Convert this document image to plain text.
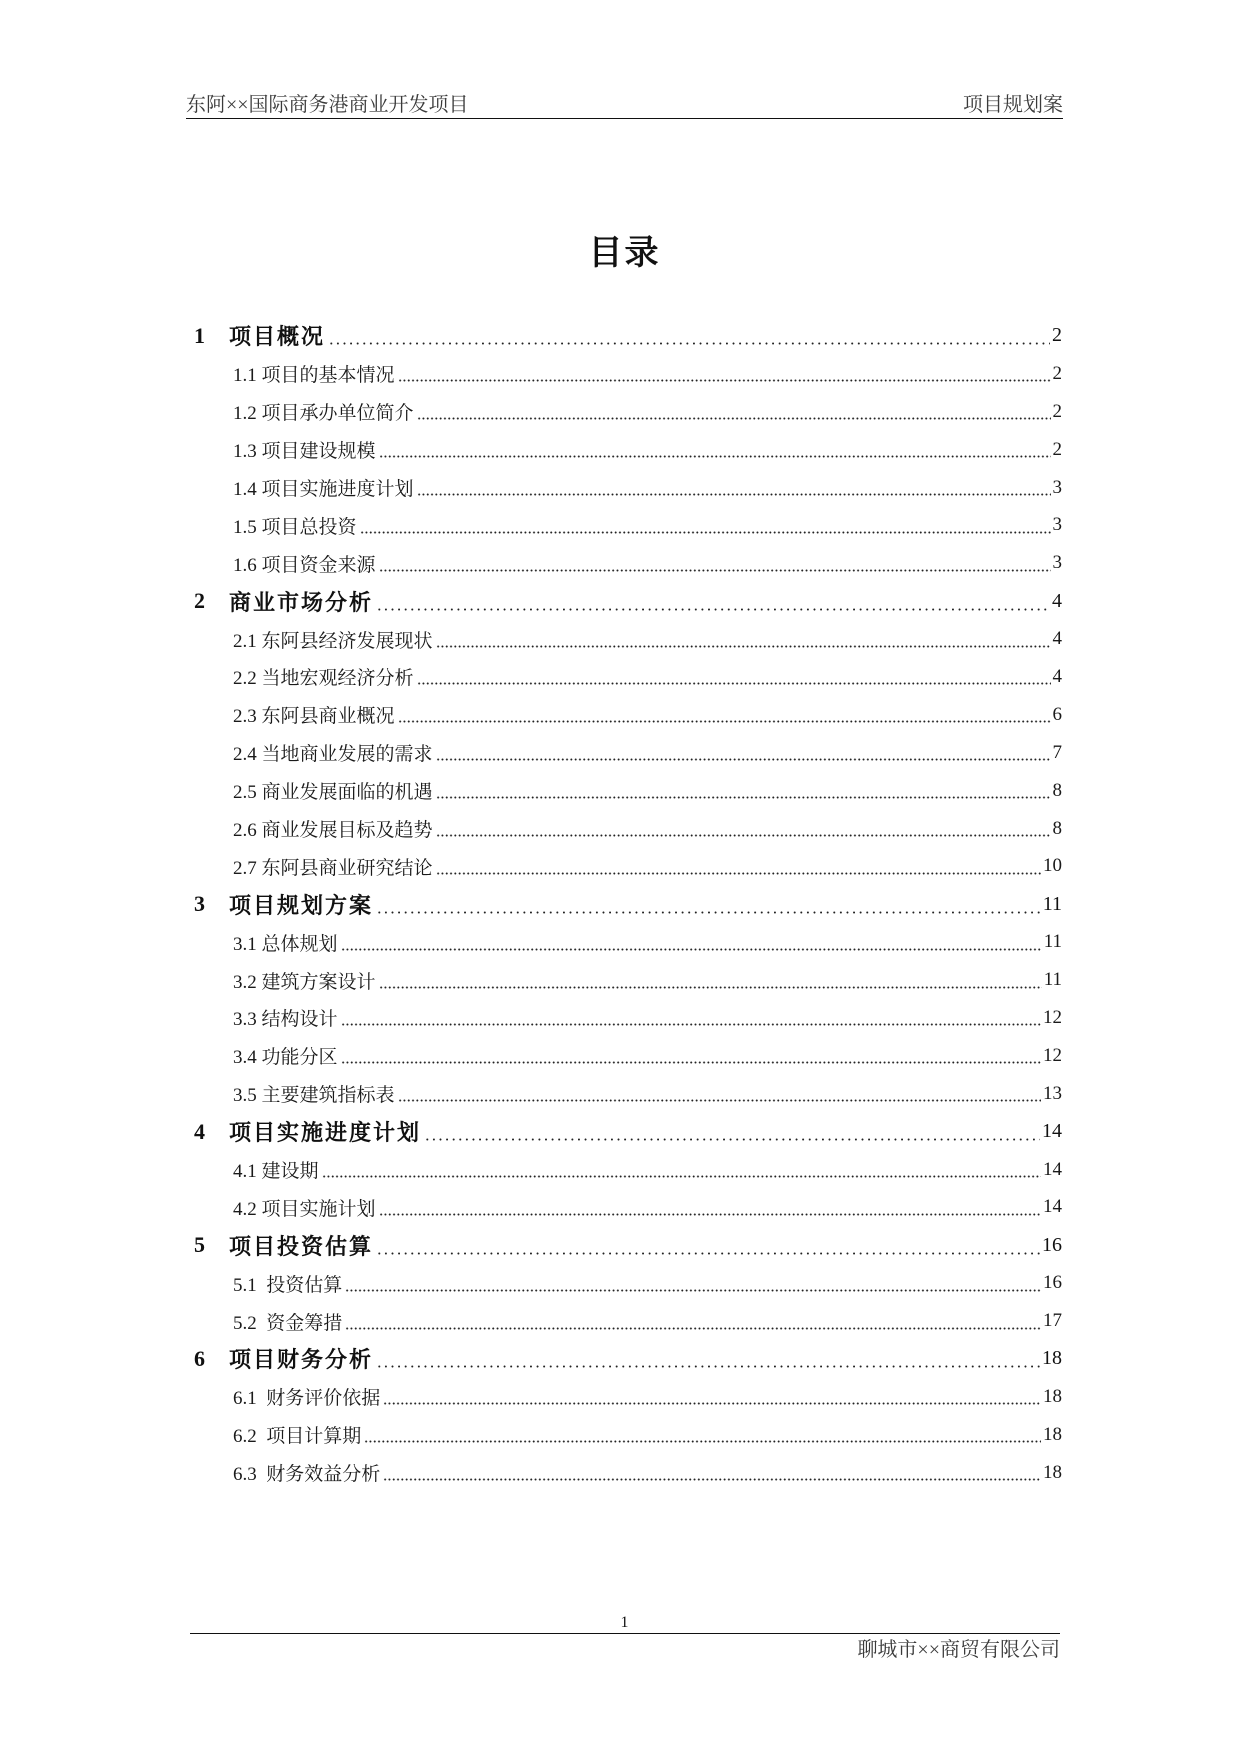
东阿××国际商务港商业开发项目	项目规划案
目录
1	项目概况	2
1.1 项目的基本情况	2
1.2 项目承办单位简介	2
1.3 项目建设规模	2
1.4 项目实施进度计划	3
1.5 项目总投资	3
1.6 项目资金来源	3
2	商业市场分析	4
2.1 东阿县经济发展现状	4
2.2 当地宏观经济分析	4
2.3 东阿县商业概况	6
2.4 当地商业发展的需求	7
2.5 商业发展面临的机遇	8
2.6 商业发展目标及趋势	8
2.7 东阿县商业研究结论	10
3	项目规划方案	11
3.1 总体规划	11
3.2 建筑方案设计	11
3.3 结构设计	12
3.4 功能分区	12
3.5 主要建筑指标表	13
4	项目实施进度计划	14
4.1 建设期	14
4.2 项目实施计划	14
5	项目投资估算	16
5.1  投资估算	16
5.2  资金筹措	17
6	项目财务分析	18
6.1  财务评价依据	18
6.2  项目计算期	18
6.3  财务效益分析	18
1
聊城市××商贸有限公司
